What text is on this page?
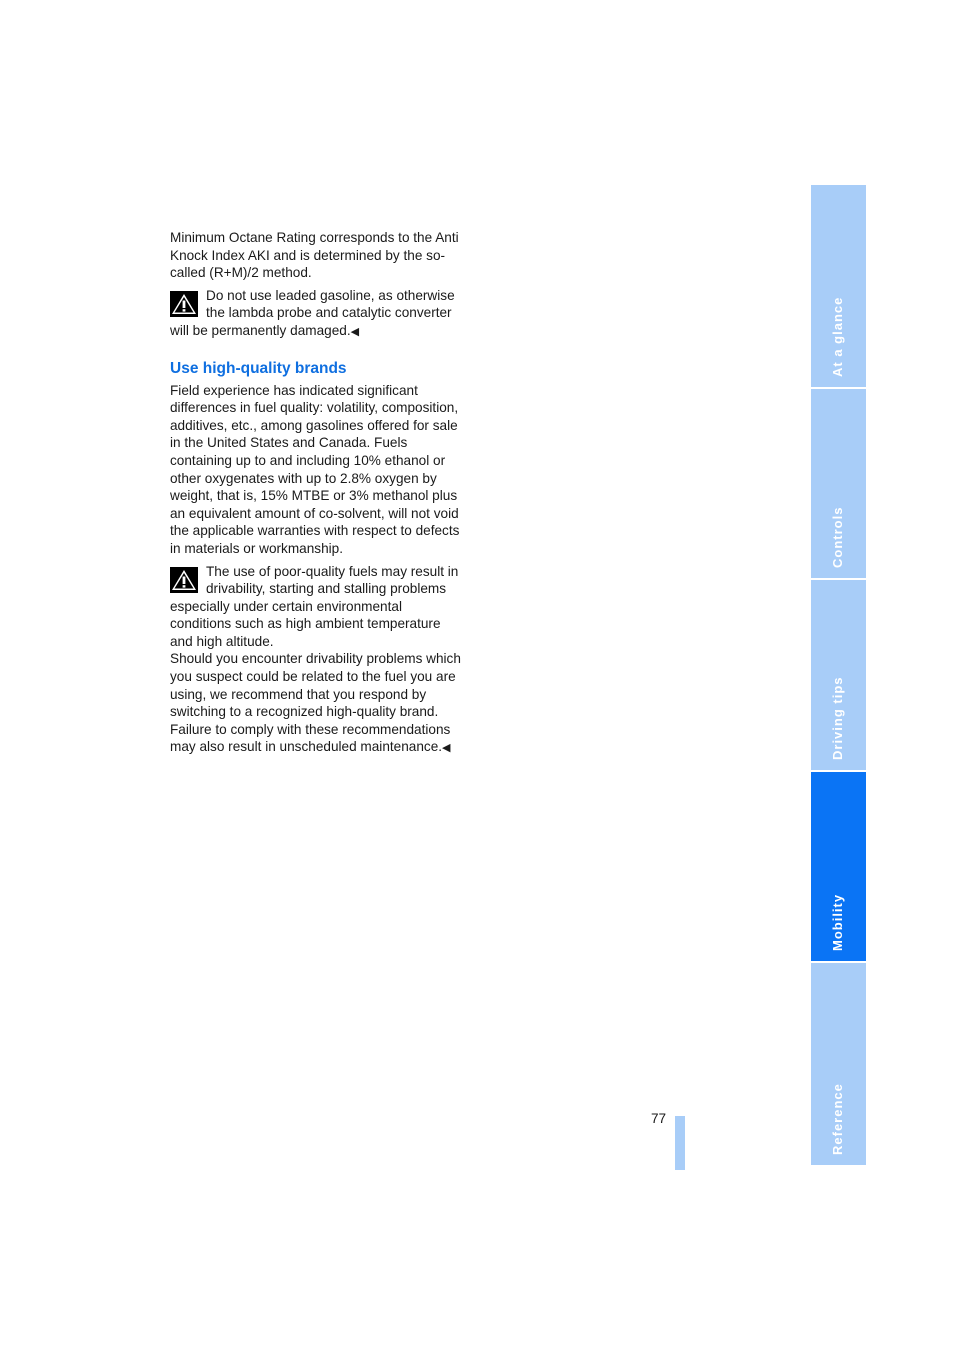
Minimum Octane Rating corresponds to the Anti Knock Index AKI and is determined by the so-called (R+M)/2 method.

Do not use leaded gasoline, as otherwise the lambda probe and catalytic converter will be permanently damaged.◀

Use high-quality brands

Field experience has indicated significant differences in fuel quality: volatility, composition, additives, etc., among gasolines offered for sale in the United States and Canada. Fuels containing up to and including 10% ethanol or other oxygenates with up to 2.8% oxygen by weight, that is, 15% MTBE or 3% methanol plus an equivalent amount of co-solvent, will not void the applicable warranties with respect to defects in materials or workmanship.

The use of poor-quality fuels may result in drivability, starting and stalling problems especially under certain environmental conditions such as high ambient temperature and high altitude.

Should you encounter drivability problems which you suspect could be related to the fuel you are using, we recommend that you respond by switching to a recognized high-quality brand.

Failure to comply with these recommendations may also result in unscheduled maintenance.◀

77
At a glance
Controls
Driving tips
Mobility
Reference
